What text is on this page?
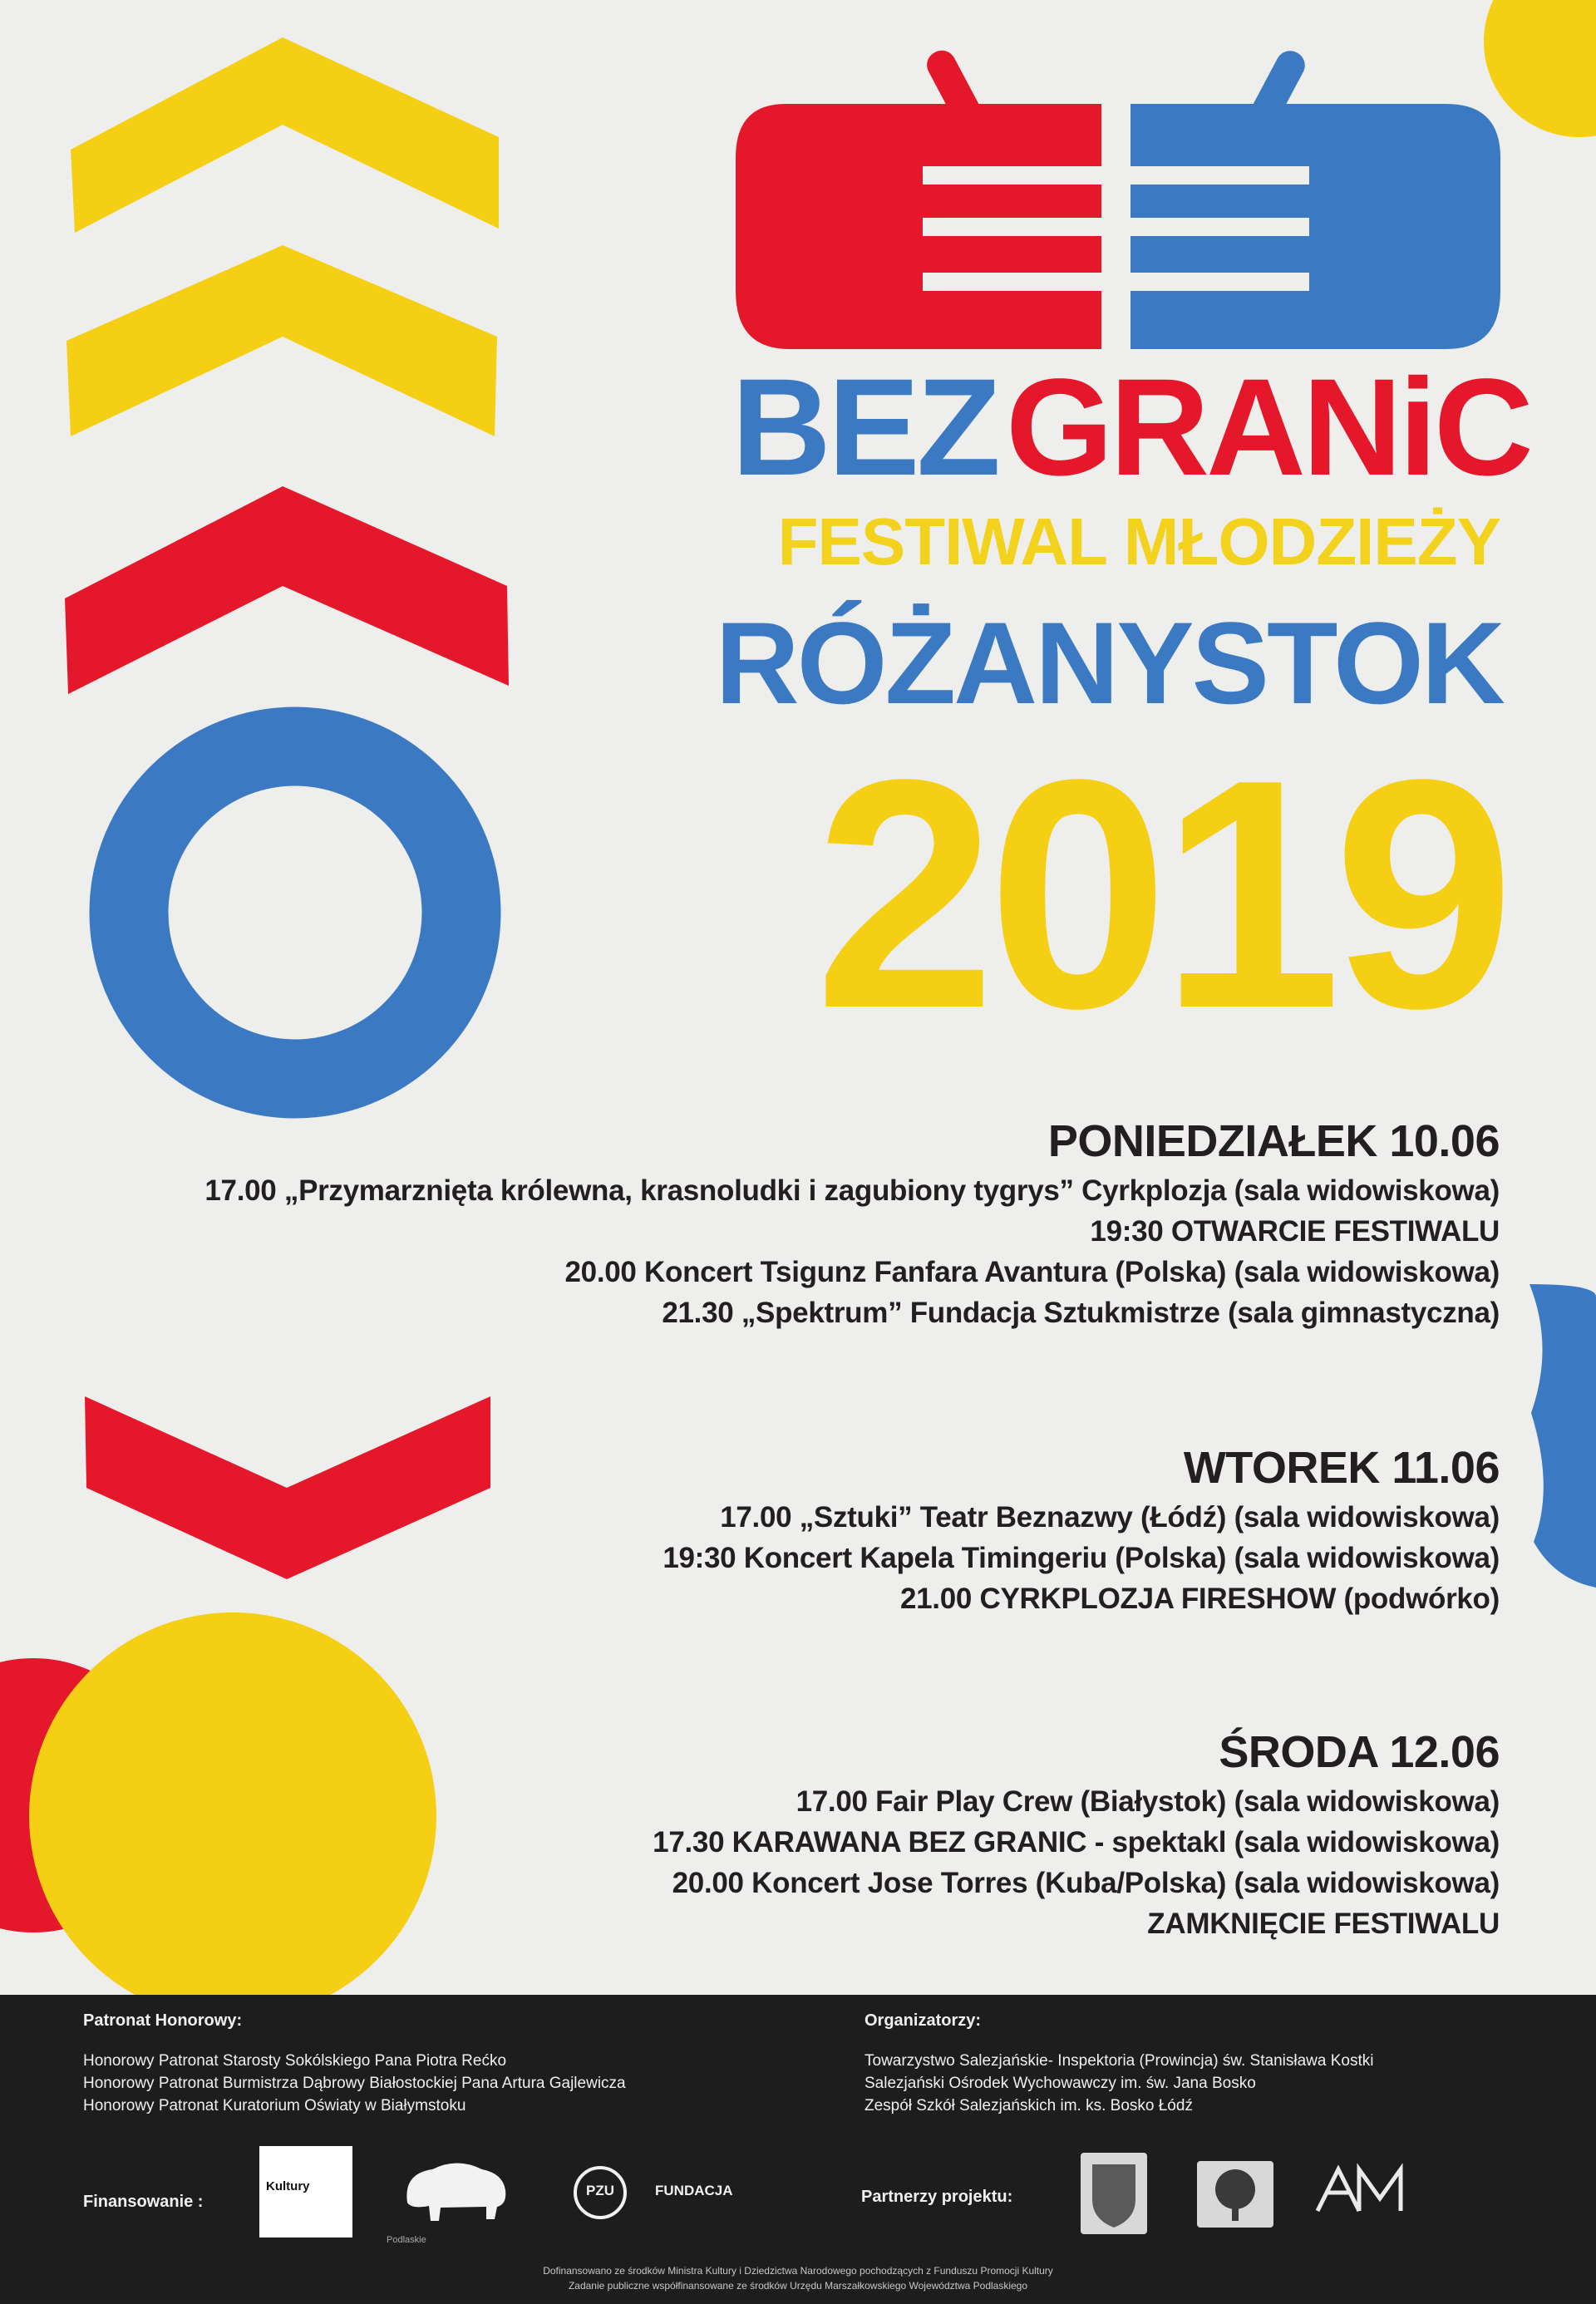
BEZ GRANiC
FESTIWAL MŁODZIEŻY
RÓŻANYSTOK
2019
PONIEDZIAŁEK 10.06
17.00 „Przymarznięta królewna, krasnoludki i zagubiony tygrys” Cyrkplozja (sala widowiskowa)
19:30 OTWARCIE FESTIWALU
20.00 Koncert Tsigunz Fanfara Avantura (Polska) (sala widowiskowa)
21.30 „Spektrum” Fundacja Sztukmistrze (sala gimnastyczna)
WTOREK 11.06
17.00 „Sztuki” Teatr Beznazwy (Łódź) (sala widowiskowa)
19:30 Koncert Kapela Timingeriu (Polska) (sala widowiskowa)
21.00 CYRKPLOZJA FIRESHOW (podwórko)
ŚRODA 12.06
17.00 Fair Play Crew (Białystok) (sala widowiskowa)
17.30 KARAWANA BEZ GRANIC - spektakl (sala widowiskowa)
20.00 Koncert Jose Torres (Kuba/Polska) (sala widowiskowa)
ZAMKNIĘCIE FESTIWALU
Patronat Honorowy:
Honorowy Patronat Starosty Sokólskiego Pana Piotra Rećko
Honorowy Patronat Burmistrza Dąbrowy Białostockiej Pana Artura Gajlewicza
Honorowy Patronat Kuratorium Oświaty w Białymstoku
Organizatorzy:
Towarzystwo Salezjańskie- Inspektoria (Prowincja) św. Stanisława Kostki
Salezjański Ośrodek Wychowawczy im. św. Jana Bosko
Zespół Szkół Salezjańskich im. ks. Bosko Łódź
Finansowanie :
Kultury
Podlaskie
PZU	FUNDACJA	Partnerzy projektu:
Dofinansowano ze środków Ministra Kultury i Dziedzictwa Narodowego pochodzących z Funduszu Promocji Kultury
Zadanie publiczne współfinansowane ze środków Urzędu Marszałkowskiego Województwa Podlaskiego
